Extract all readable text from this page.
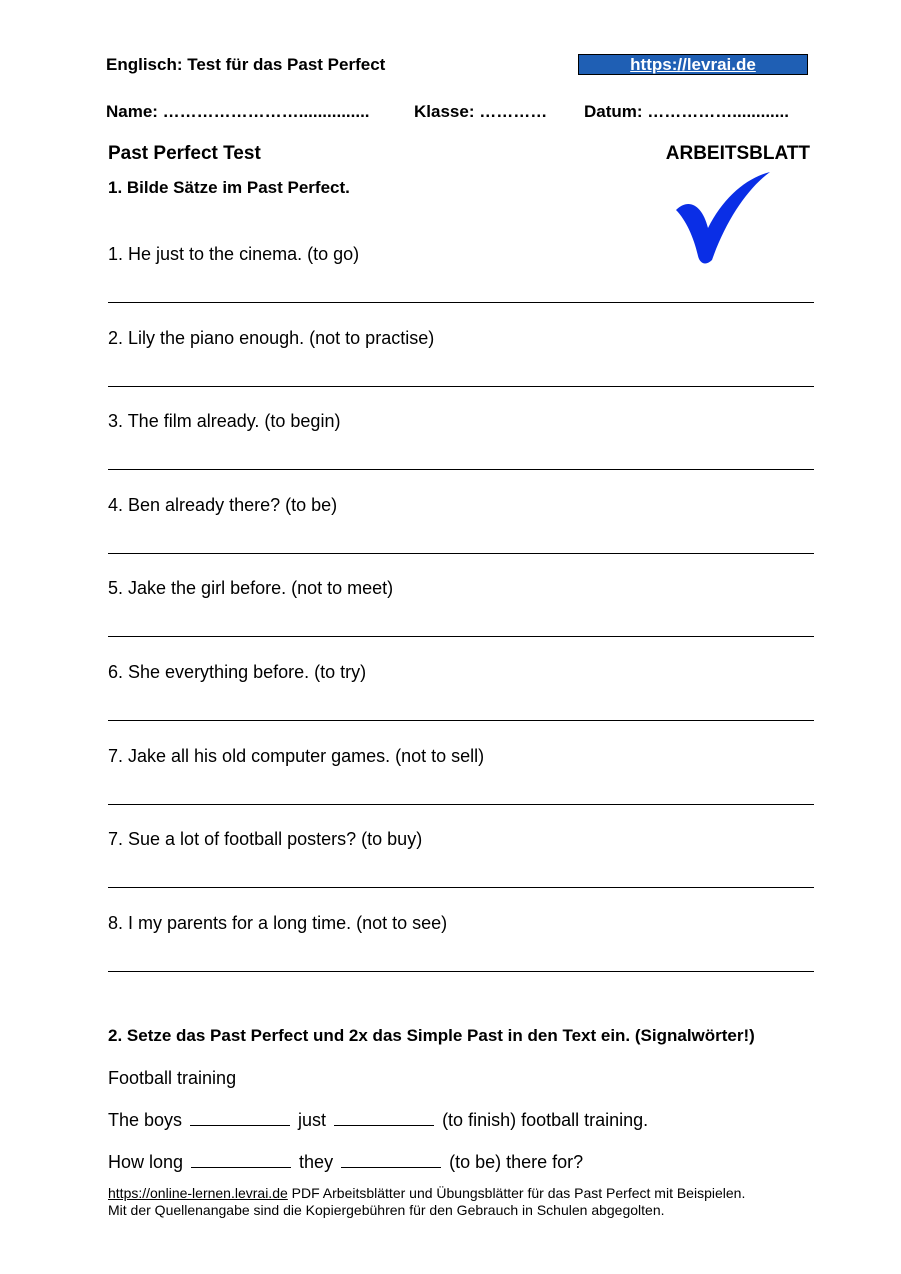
Englisch: Test für das Past Perfect	https://levrai.de
Name: ……………………...............	Klasse: ………… Datum: ……………............
Past Perfect Test	ARBEITSBLATT
1. Bilde Sätze im Past Perfect.
1. He just to the cinema. (to go)
2. Lily the piano enough. (not to practise)
3. The film already. (to begin)
4. Ben already there? (to be)
5. Jake the girl before. (not to meet)
6. She everything before. (to try)
7. Jake all his old computer games. (not to sell)
7. Sue a lot of football posters? (to buy)
8. I my parents for a long time. (not to see)
2. Setze das Past Perfect und 2x das Simple Past in den Text ein. (Signalwörter!)
Football training
The boys	just	(to finish) football training.
How long	they	(to be) there for?
https://online-lernen.levrai.de PDF Arbeitsblätter und Übungsblätter für das Past Perfect mit Beispielen.
Mit der Quellenangabe sind die Kopiergebühren für den Gebrauch in Schulen abgegolten.
